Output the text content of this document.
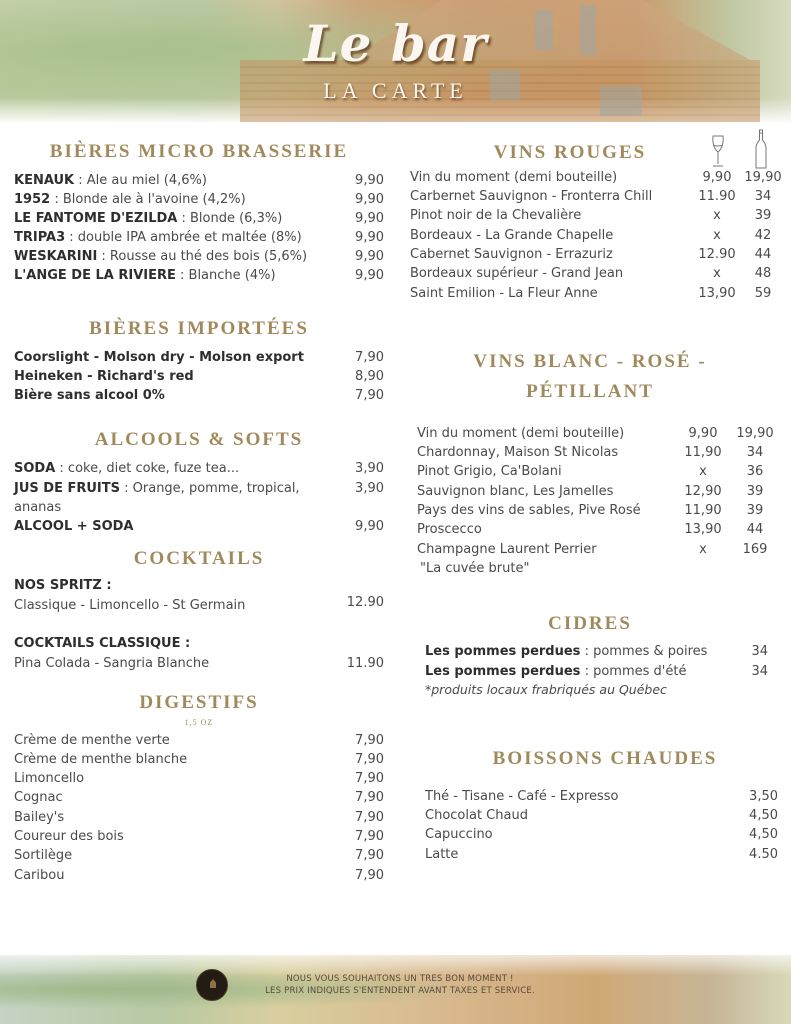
Le bar
LA CARTE
BIÈRES MICRO BRASSERIE
KENAUK : Ale au miel (4,6%)	9,90
1952 : Blonde ale à l'avoine (4,2%)	9,90
LE FANTOME D'EZILDA : Blonde (6,3%)	9,90
TRIPA3 : double IPA ambrée et maltée (8%)	9,90
WESKARINI : Rousse au thé des bois (5,6%)	9,90
L'ANGE DE LA RIVIERE : Blanche (4%)	9,90
BIÈRES IMPORTÉES
Coorslight - Molson dry - Molson export	7,90
Heineken - Richard's red	8,90
Bière sans alcool 0%	7,90
ALCOOLS & SOFTS
SODA : coke, diet coke, fuze tea...	3,90
JUS DE FRUITS : Orange, pomme, tropical,	3,90
ananas
ALCOOL + SODA	9,90
COCKTAILS
NOS SPRITZ :
Classique - Limoncello - St Germain	12.90
COCKTAILS CLASSIQUE :
Pina Colada - Sangria Blanche	11.90
DIGESTIFS
1,5 OZ
Crème de menthe verte	7,90
Crème de menthe blanche	7,90
Limoncello	7,90
Cognac	7,90
Bailey's	7,90
Coureur des bois	7,90
Sortilège	7,90
Caribou	7,90
VINS ROUGES
Vin du moment (demi bouteille)	9,90 19,90
Carbernet Sauvignon - Fronterra Chill	11.90	34
Pinot noir de la Chevalière	x	39
Bordeaux - La Grande Chapelle	x	42
Cabernet Sauvignon - Errazuriz	12.90	44
Bordeaux supérieur - Grand Jean	x	48
Saint Emilion - La Fleur Anne	13,90	59
VINS BLANC - ROSÉ -
PÉTILLANT
Vin du moment (demi bouteille)	9,90	19,90
Chardonnay, Maison St Nicolas	11,90	34
Pinot Grigio, Ca'Bolani	x	36
Sauvignon blanc, Les Jamelles	12,90	39
Pays des vins de sables, Pive Rosé	11,90	39
Proscecco	13,90	44
Champagne Laurent Perrier	x	169
"La cuvée brute"
CIDRES
Les pommes perdues : pommes & poires	34
Les pommes perdues : pommes d'été	34
*produits locaux frabriqués au Québec
BOISSONS CHAUDES
Thé - Tisane - Café - Expresso	3,50
Chocolat Chaud	4,50
Capuccino	4,50
Latte	4.50
NOUS VOUS SOUHAITONS UN TRES BON MOMENT !
LES PRIX INDIQUES S'ENTENDENT AVANT TAXES ET SERVICE.
